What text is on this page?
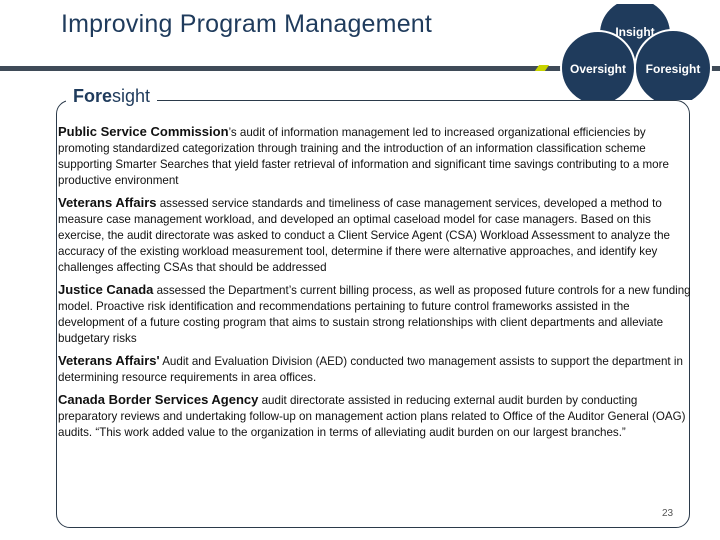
Improving Program Management	Insight
Oversight Foresight
Foresight

Public Service Commission’s audit of information management led to increased organizational efficiencies by promoting standardized categorization through training and the introduction of an information classification scheme supporting Smarter Searches that yield faster retrieval of information and significant time savings contributing to a more productive environment

Veterans Affairs assessed service standards and timeliness of case management services, developed a method to measure case management workload, and developed an optimal caseload model for case managers. Based on this exercise, the audit directorate was asked to conduct a Client Service Agent (CSA) Workload Assessment to analyze the accuracy of the existing workload measurement tool, determine if there were alternative approaches, and identify key challenges affecting CSAs that should be addressed

Justice Canada assessed the Department’s current billing process, as well as proposed future controls for a new funding model. Proactive risk identification and recommendations pertaining to future control frameworks assisted in the development of a future costing program that aims to sustain strong relationships with client departments and alleviate budgetary risks

Veterans Affairs' Audit and Evaluation Division (AED) conducted two management assists to support the department in determining resource requirements in area offices.

Canada Border Services Agency audit directorate assisted in reducing external audit burden by conducting preparatory reviews and undertaking follow-up on management action plans related to Office of the Auditor General (OAG) audits. “This work added value to the organization in terms of alleviating audit burden on our largest branches.”

23
